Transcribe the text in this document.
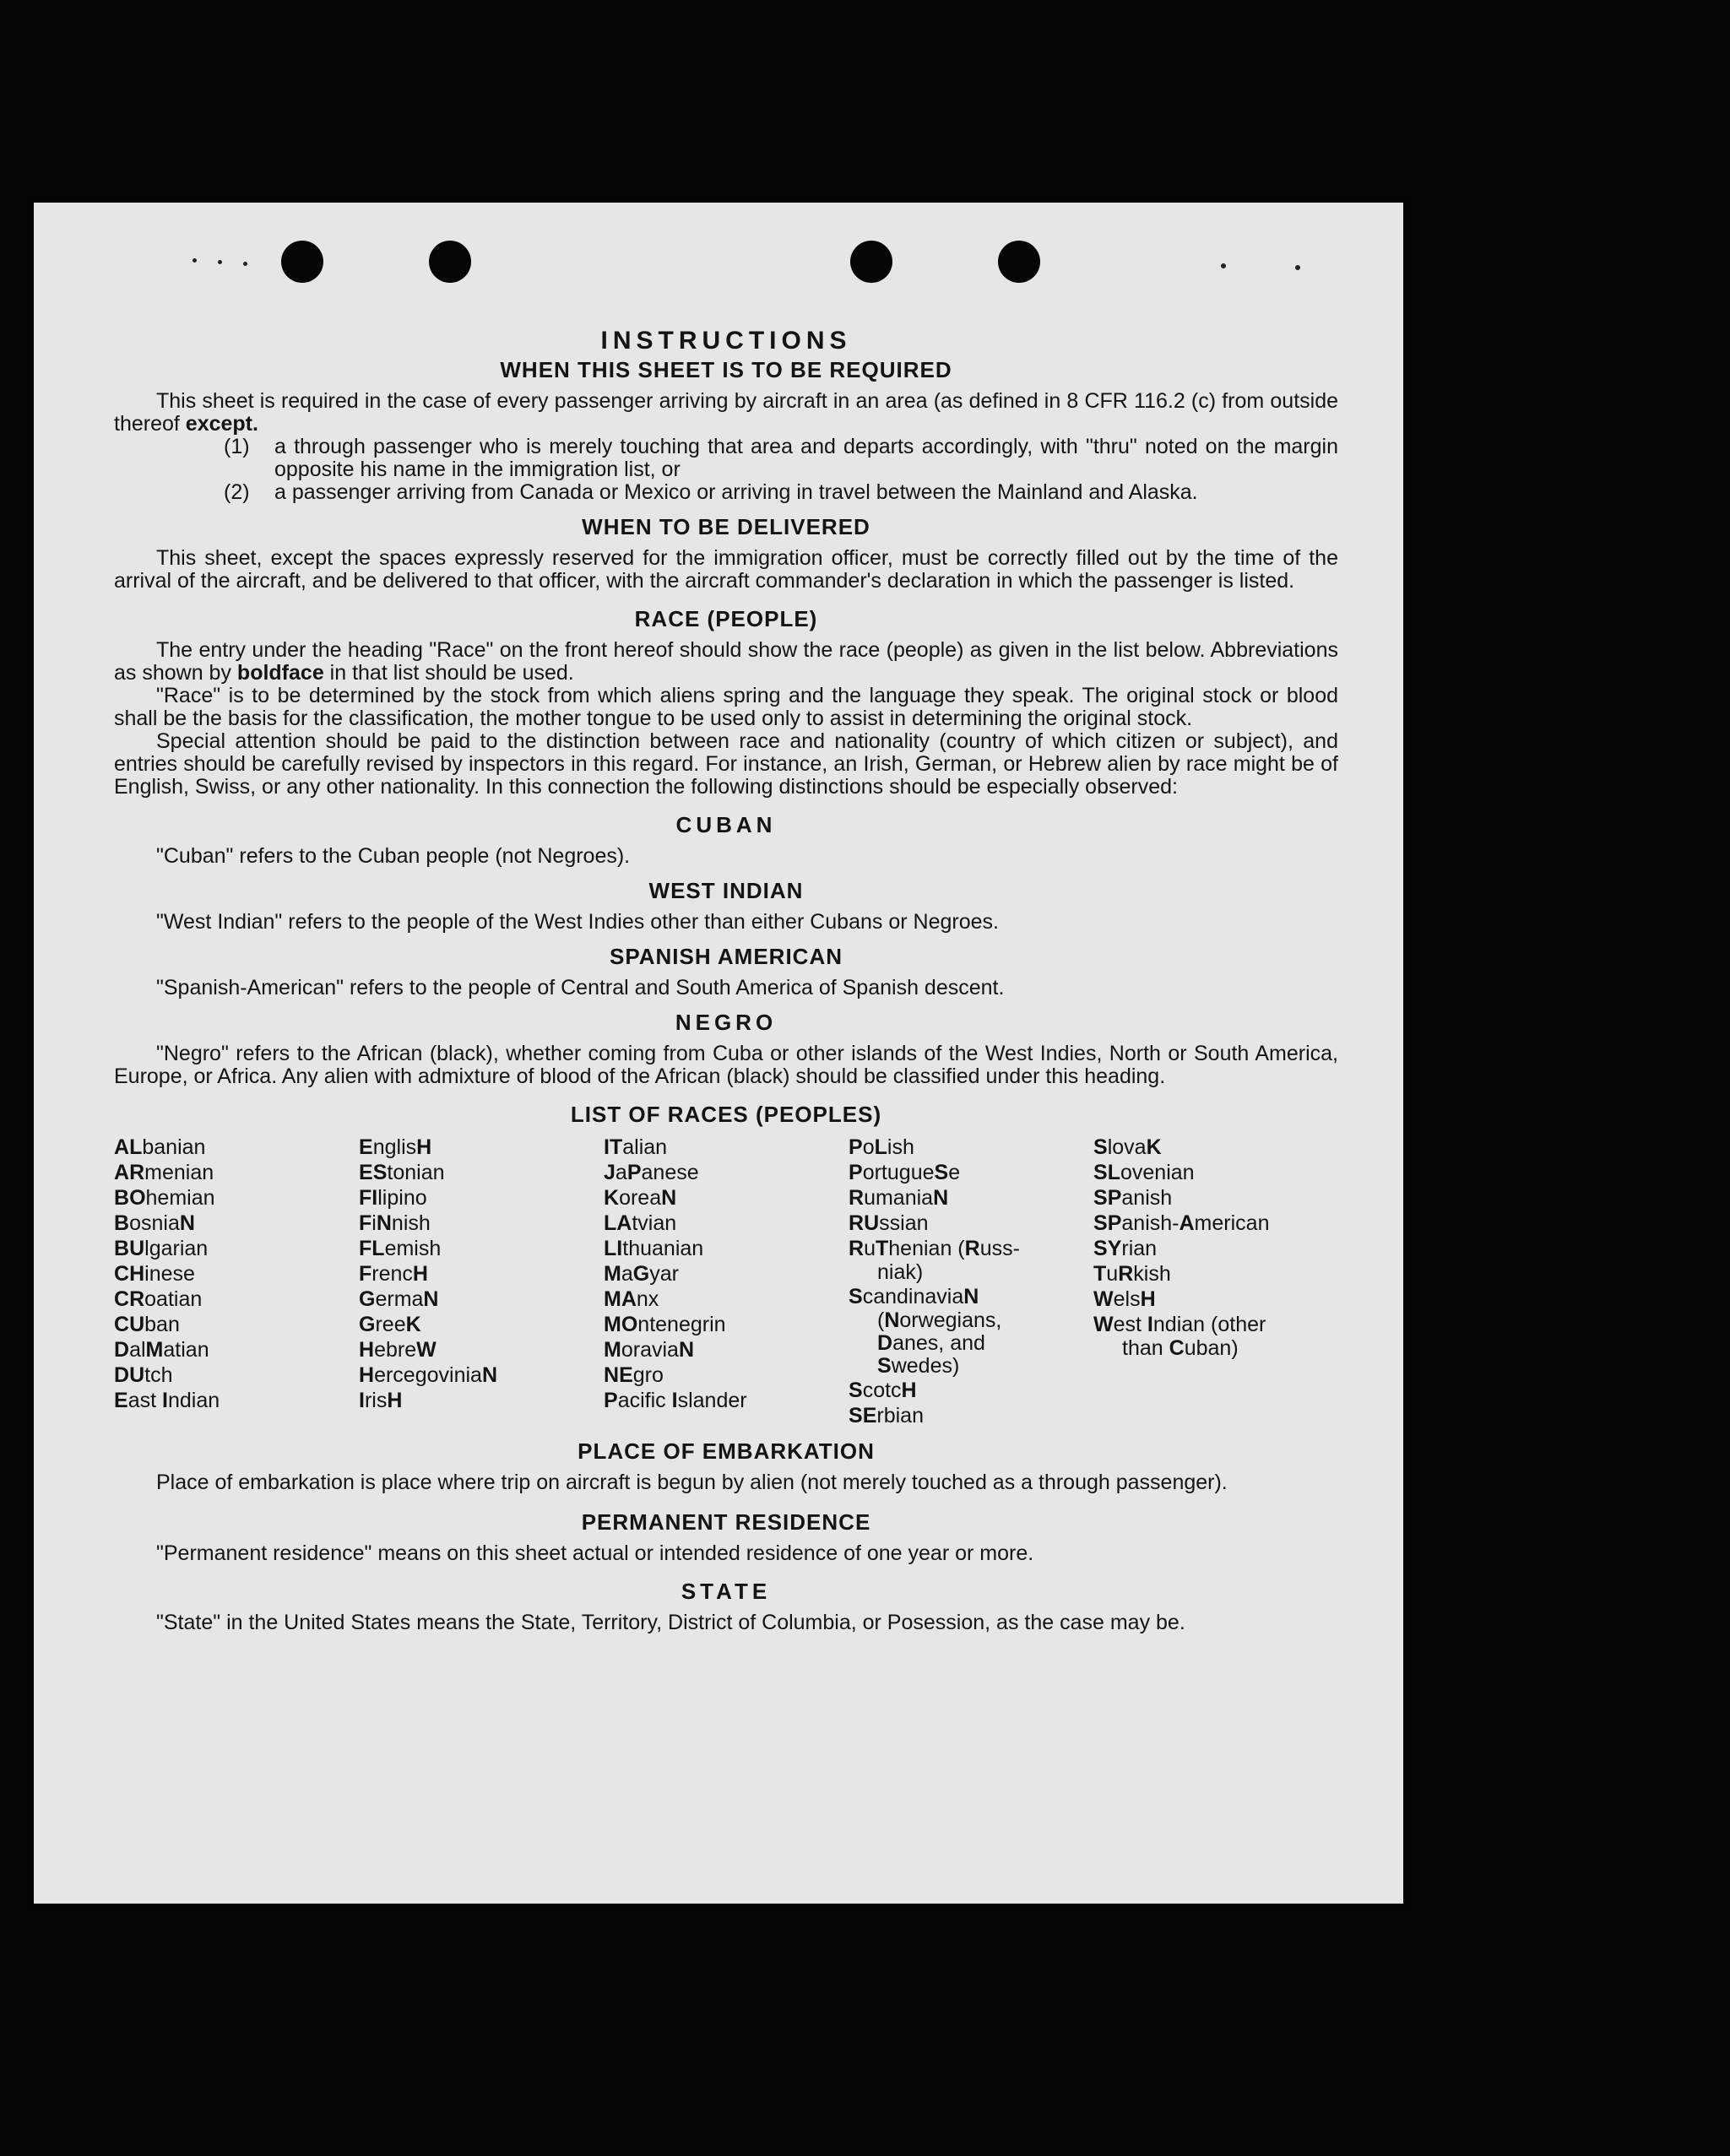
INSTRUCTIONS
WHEN THIS SHEET IS TO BE REQUIRED

This sheet is required in the case of every passenger arriving by aircraft in an area (as defined in 8 CFR 116.2 (c) from outside thereof except.

(1)	a through passenger who is merely touching that area and departs accordingly, with "thru" noted on the margin opposite his name in the immigration list, or
(2)	a passenger arriving from Canada or Mexico or arriving in travel between the Mainland and Alaska.
WHEN TO BE DELIVERED

This sheet, except the spaces expressly reserved for the immigration officer, must be correctly filled out by the time of the arrival of the aircraft, and be delivered to that officer, with the aircraft commander's declaration in which the passenger is listed.

RACE (PEOPLE)

The entry under the heading "Race" on the front hereof should show the race (people) as given in the list below. Abbreviations as shown by boldface in that list should be used.

"Race" is to be determined by the stock from which aliens spring and the language they speak. The original stock or blood shall be the basis for the classification, the mother tongue to be used only to assist in determining the original stock.

Special attention should be paid to the distinction between race and nationality (country of which citizen or subject), and entries should be carefully revised by inspectors in this regard. For instance, an Irish, German, or Hebrew alien by race might be of English, Swiss, or any other nationality. In this connection the following distinctions should be especially observed:

CUBAN

"Cuban" refers to the Cuban people (not Negroes).

WEST INDIAN

"West Indian" refers to the people of the West Indies other than either Cubans or Negroes.

SPANISH AMERICAN

"Spanish-American" refers to the people of Central and South America of Spanish descent.

NEGRO

"Negro" refers to the African (black), whether coming from Cuba or other islands of the West Indies, North or South America, Europe, or Africa. Any alien with admixture of blood of the African (black) should be classified under this heading.

LIST OF RACES (PEOPLES)
ALbanian
ARmenian
BOhemian
BosniaN
BUlgarian
CHinese
CRoatian
CUban
DalMatian
DUtch
East Indian
EnglisH
EStonian
FIlipino
FiNnish
FLemish
FrencH
GermaN
GreeK
HebreW
HercegoviniaN
IrisH
ITalian
JaPanese
KoreaN
LAtvian
LIthuanian
MaGyar
MAnx
MOntenegrin
MoraviaN
NEgro
Pacific Islander
PoLish
PortugueSe
RumaniaN
RUssian
RuThenian (Russ-
niak)
ScandinaviaN
(Norwegians,
Danes, and
Swedes)
ScotcH
SErbian
SlovaK
SLovenian
SPanish
SPanish-American
SYrian
TuRkish
WelsH
West Indian (other
than Cuban)
PLACE OF EMBARKATION

Place of embarkation is place where trip on aircraft is begun by alien (not merely touched as a through passenger).

PERMANENT RESIDENCE

"Permanent residence" means on this sheet actual or intended residence of one year or more.

STATE

"State" in the United States means the State, Territory, District of Columbia, or Posession, as the case may be.
